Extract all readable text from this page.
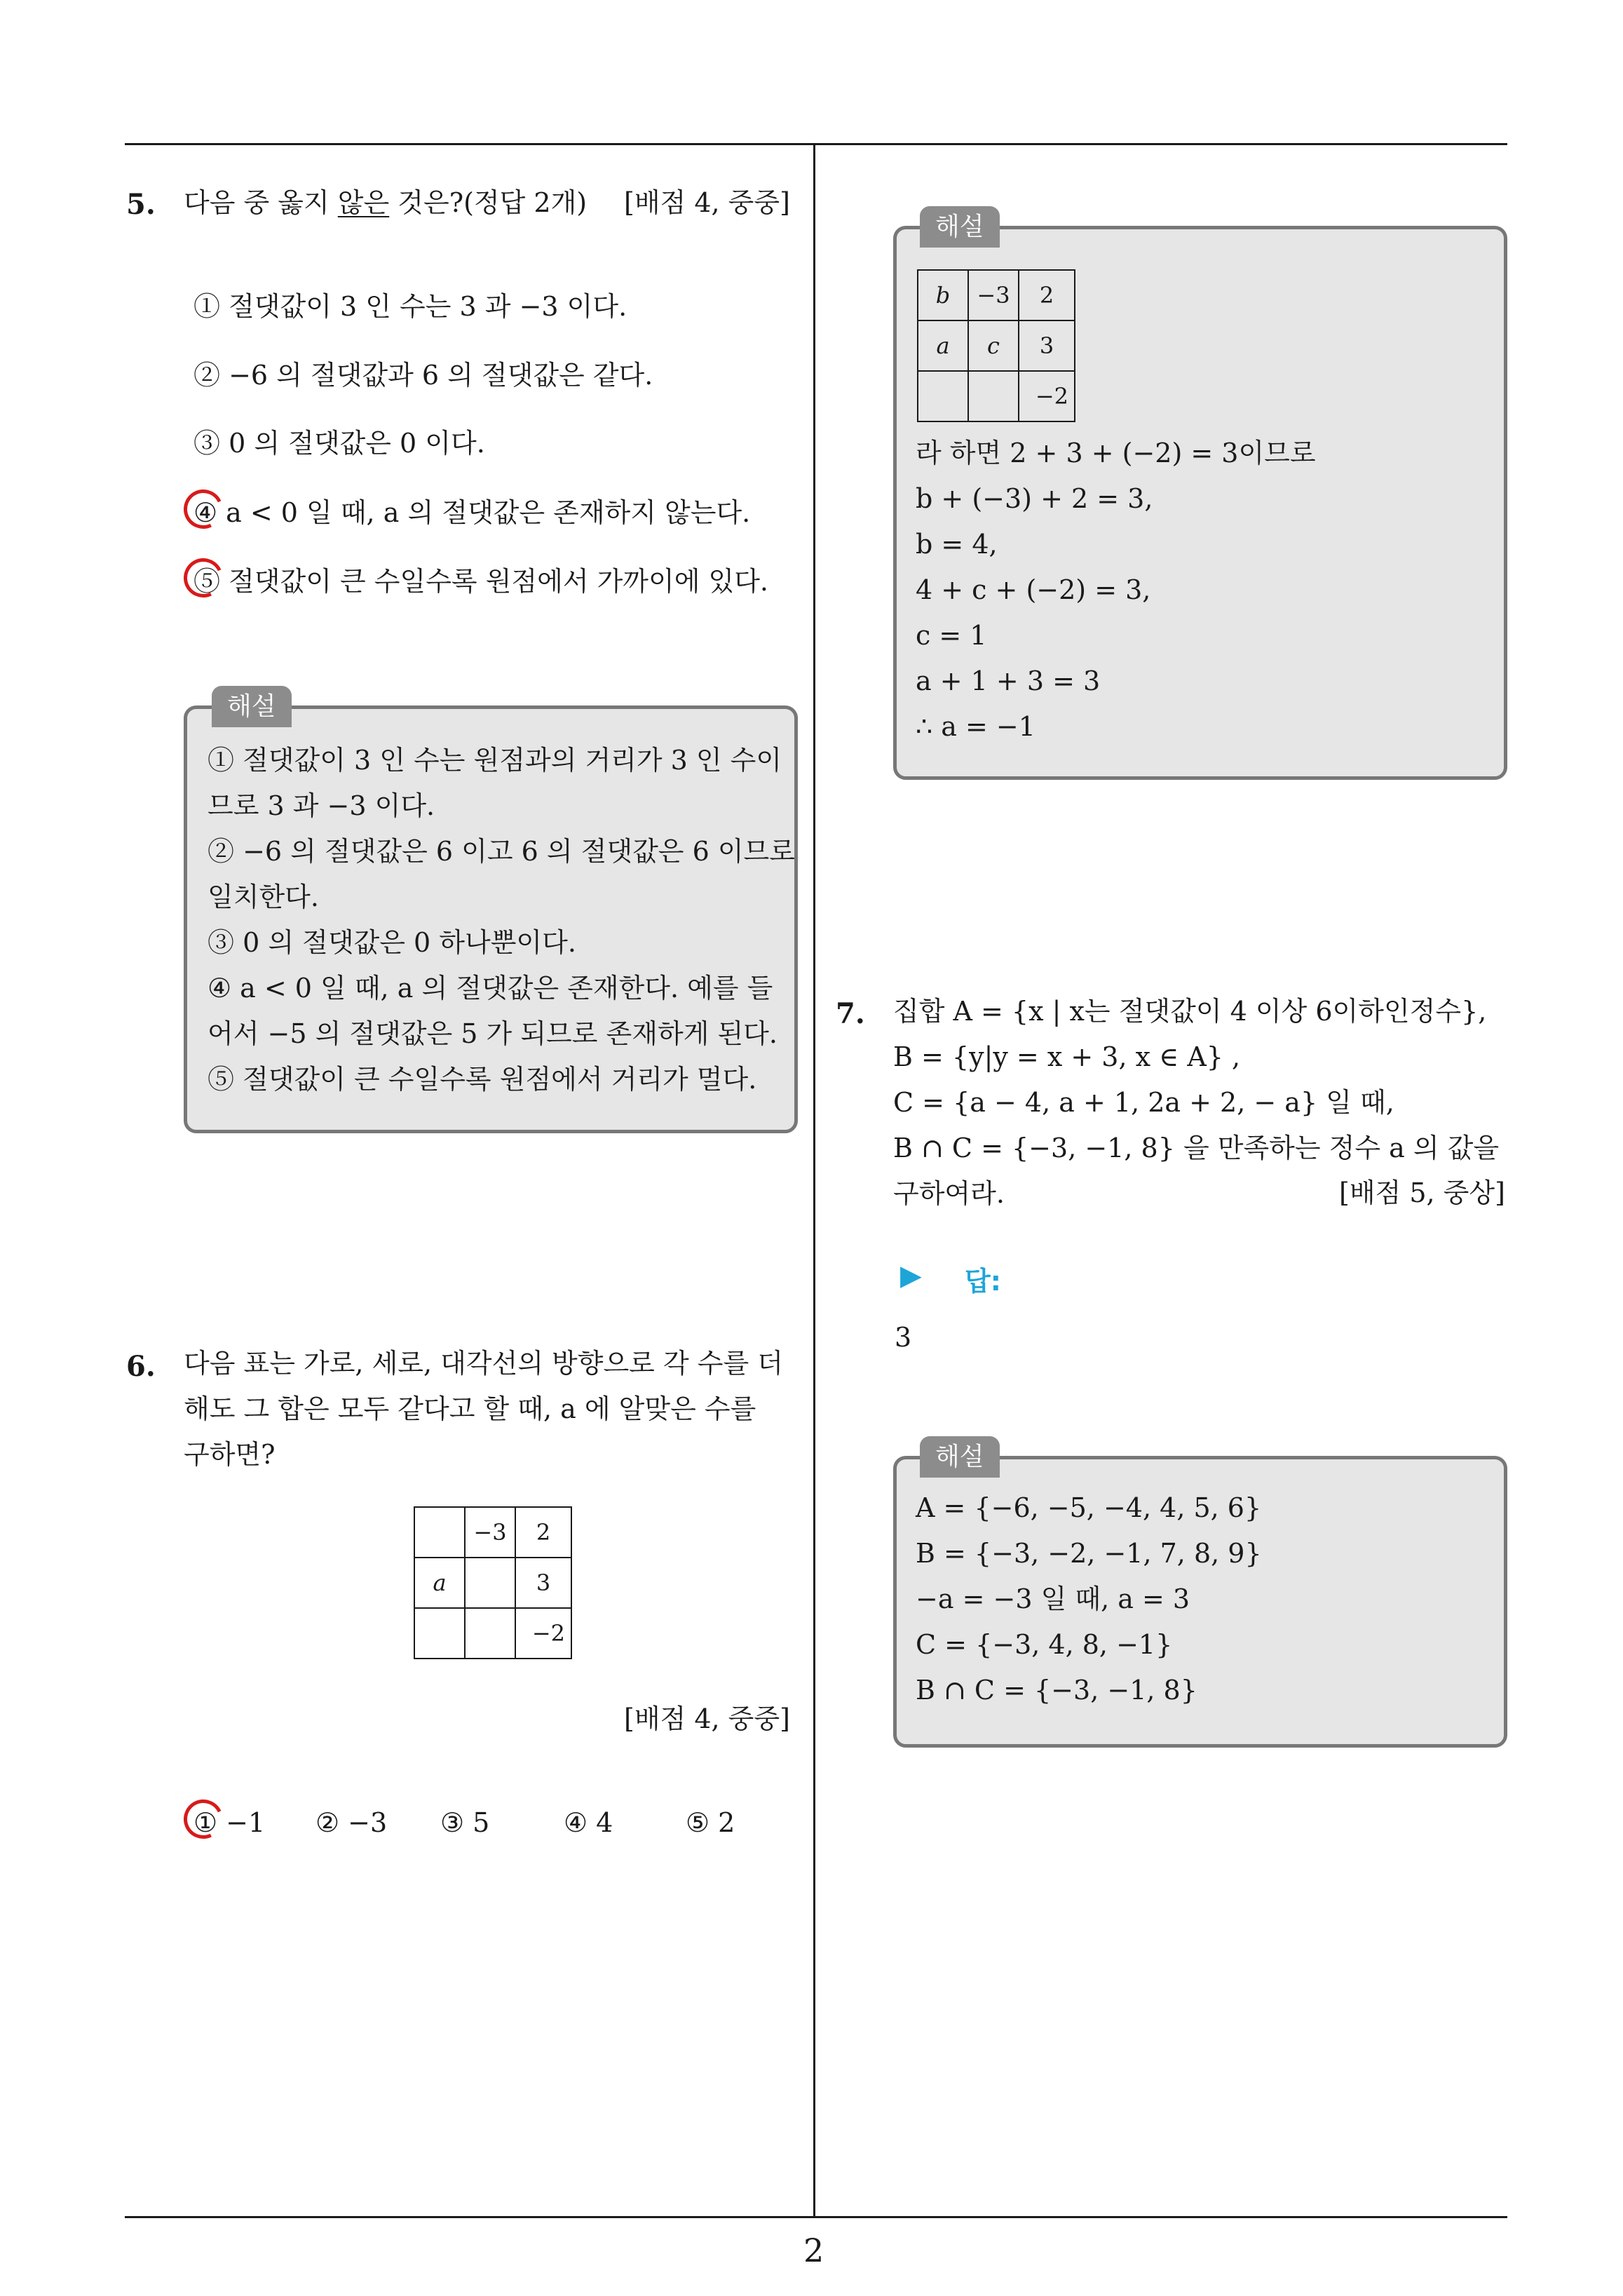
5. 다음 중 옳지 않은 것은?(정답 2개) [배점 4, 중중]
① 절댓값이 3 인 수는 3 과 −3 이다.
② −6 의 절댓값과 6 의 절댓값은 같다.
③ 0 의 절댓값은 0 이다.
④ a < 0 일 때, a 의 절댓값은 존재하지 않는다.
⑤ 절댓값이 큰 수일수록 원점에서 가까이에 있다.
해설
① 절댓값이 3 인 수는 원점과의 거리가 3 인 수이
므로 3 과 −3 이다.
② −6 의 절댓값은 6 이고 6 의 절댓값은 6 이므로
일치한다.
③ 0 의 절댓값은 0 하나뿐이다.
④ a < 0 일 때, a 의 절댓값은 존재한다. 예를 들
어서 −5 의 절댓값은 5 가 되므로 존재하게 된다.
⑤ 절댓값이 큰 수일수록 원점에서 거리가 멀다.
6. 다음 표는 가로, 세로, 대각선의 방향으로 각 수를 더
해도 그 합은 모두 같다고 할 때, a 에 알맞은 수를
구하면?
	−3	2
a		3
		−2
[배점 4, 중중]
① −1 ② −3 ③ 5	④ 4	⑤ 2
해설
b	−3	2
a	c	3
		−2
라 하면 2 + 3 + (−2) = 3이므로
b + (−3) + 2 = 3,
b = 4,
4 + c + (−2) = 3,
c = 1
a + 1 + 3 = 3
∴ a = −1
7. 집합 A = {x | x는 절댓값이 4 이상 6이하인정수},
B = {y|y = x + 3, x ∈ A} ,
C = {a − 4, a + 1, 2a + 2, − a} 일 때,
B ∩ C = {−3, −1, 8} 을 만족하는 정수 a 의 값을
구하여라.	[배점 5, 중상]
▶ 답:
3
해설
A = {−6, −5, −4, 4, 5, 6}
B = {−3, −2, −1, 7, 8, 9}
−a = −3 일 때, a = 3
C = {−3, 4, 8, −1}
B ∩ C = {−3, −1, 8}
2
